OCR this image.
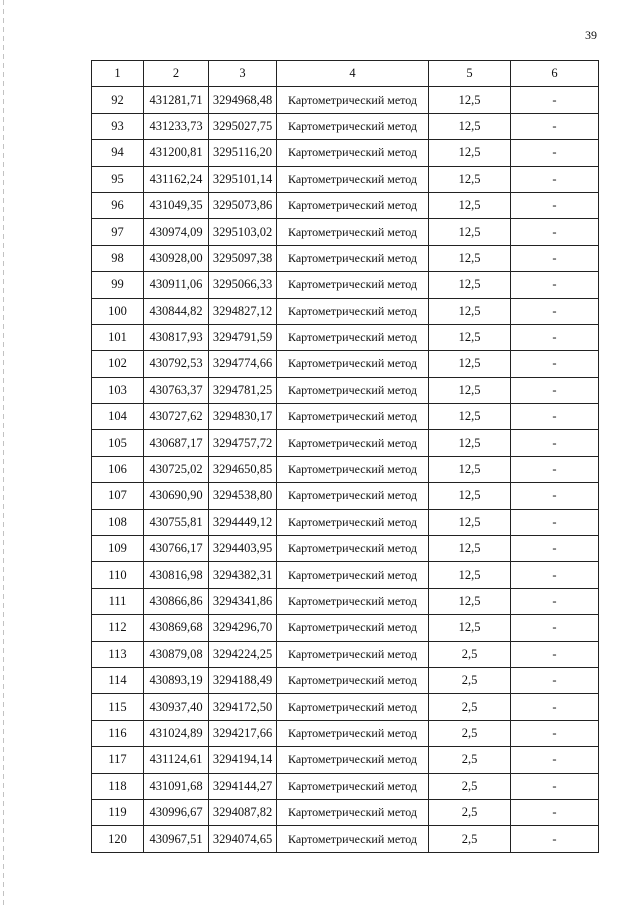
39
1	2	3	4	5	6
92	431281,71	3294968,48	Картометрический метод	12,5	-
93	431233,73	3295027,75	Картометрический метод	12,5	-
94	431200,81	3295116,20	Картометрический метод	12,5	-
95	431162,24	3295101,14	Картометрический метод	12,5	-
96	431049,35	3295073,86	Картометрический метод	12,5	-
97	430974,09	3295103,02	Картометрический метод	12,5	-
98	430928,00	3295097,38	Картометрический метод	12,5	-
99	430911,06	3295066,33	Картометрический метод	12,5	-
100	430844,82	3294827,12	Картометрический метод	12,5	-
101	430817,93	3294791,59	Картометрический метод	12,5	-
102	430792,53	3294774,66	Картометрический метод	12,5	-
103	430763,37	3294781,25	Картометрический метод	12,5	-
104	430727,62	3294830,17	Картометрический метод	12,5	-
105	430687,17	3294757,72	Картометрический метод	12,5	-
106	430725,02	3294650,85	Картометрический метод	12,5	-
107	430690,90	3294538,80	Картометрический метод	12,5	-
108	430755,81	3294449,12	Картометрический метод	12,5	-
109	430766,17	3294403,95	Картометрический метод	12,5	-
110	430816,98	3294382,31	Картометрический метод	12,5	-
111	430866,86	3294341,86	Картометрический метод	12,5	-
112	430869,68	3294296,70	Картометрический метод	12,5	-
113	430879,08	3294224,25	Картометрический метод	2,5	-
114	430893,19	3294188,49	Картометрический метод	2,5	-
115	430937,40	3294172,50	Картометрический метод	2,5	-
116	431024,89	3294217,66	Картометрический метод	2,5	-
117	431124,61	3294194,14	Картометрический метод	2,5	-
118	431091,68	3294144,27	Картометрический метод	2,5	-
119	430996,67	3294087,82	Картометрический метод	2,5	-
120	430967,51	3294074,65	Картометрический метод	2,5	-
